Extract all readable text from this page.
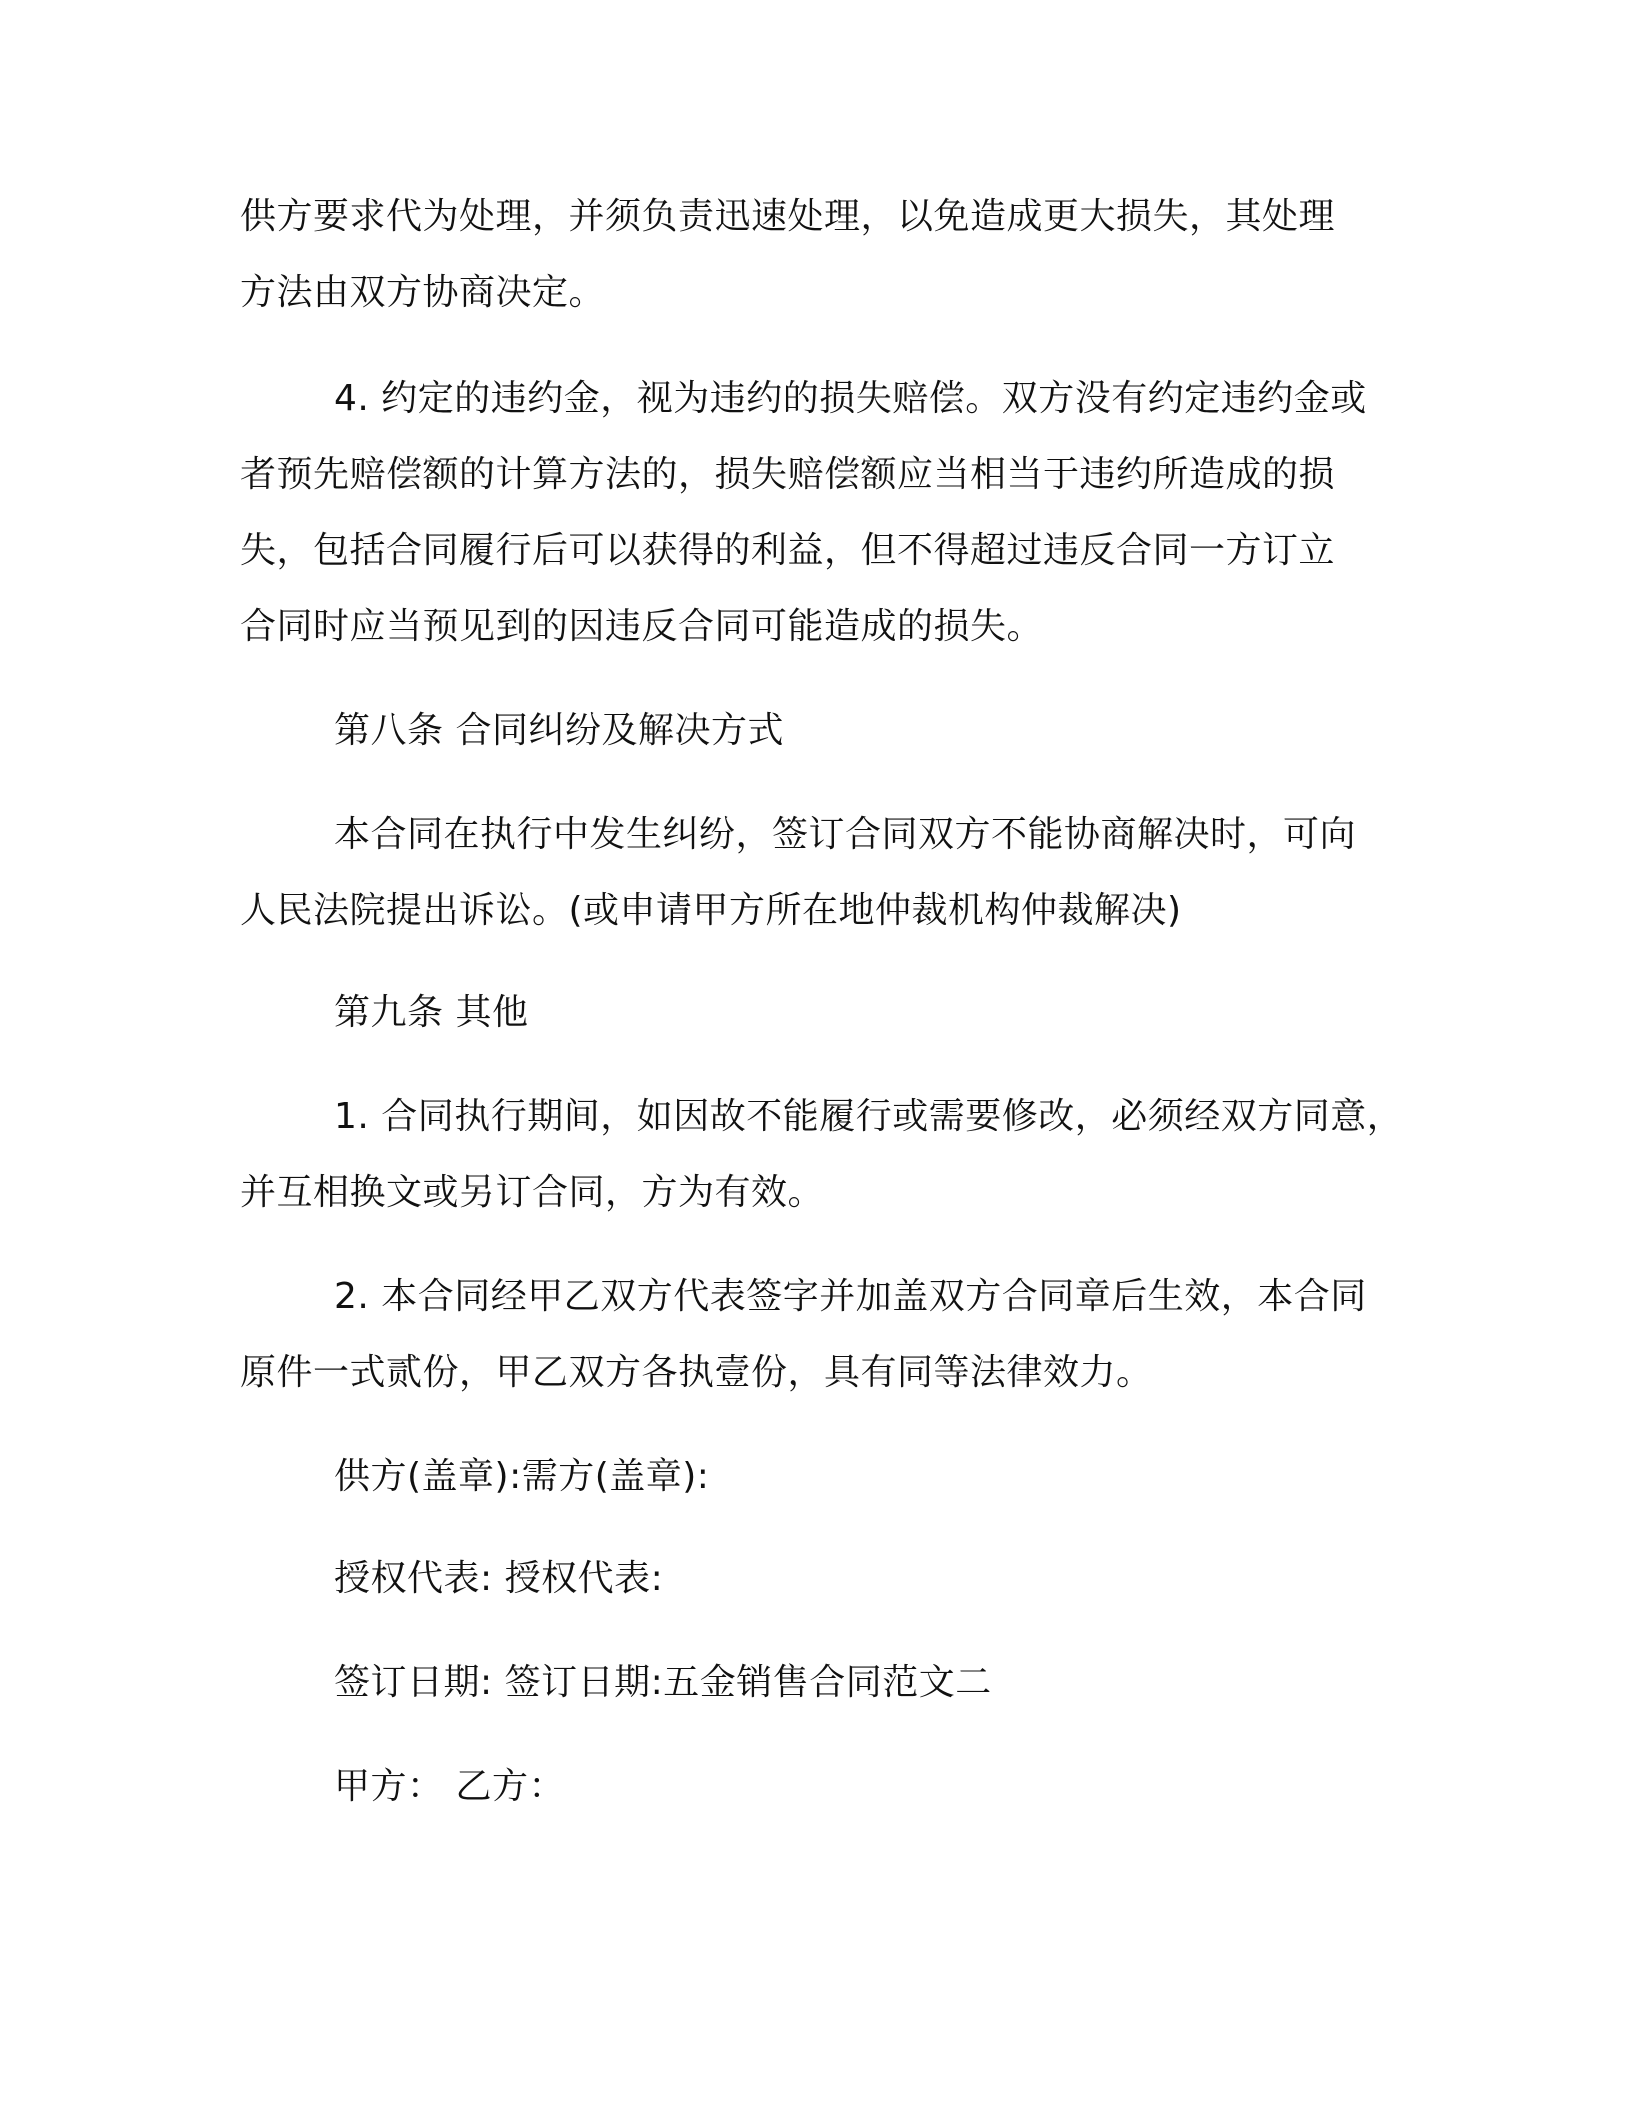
供方要求代为处理，并须负责迅速处理，以免造成更大损失，其处理
方法由双方协商决定。
4. 约定的违约金，视为违约的损失赔偿。双方没有约定违约金或
者预先赔偿额的计算方法的，损失赔偿额应当相当于违约所造成的损
失，包括合同履行后可以获得的利益，但不得超过违反合同一方订立
合同时应当预见到的因违反合同可能造成的损失。
第八条 合同纠纷及解决方式
本合同在执行中发生纠纷，签订合同双方不能协商解决时，可向
人民法院提出诉讼。(或申请甲方所在地仲裁机构仲裁解决)
第九条 其他
1. 合同执行期间，如因故不能履行或需要修改，必须经双方同意，
并互相换文或另订合同，方为有效。
2. 本合同经甲乙双方代表签字并加盖双方合同章后生效，本合同
原件一式贰份，甲乙双方各执壹份，具有同等法律效力。
供方(盖章):需方(盖章):
授权代表: 授权代表:
签订日期: 签订日期:五金销售合同范文二
甲方： 乙方：
